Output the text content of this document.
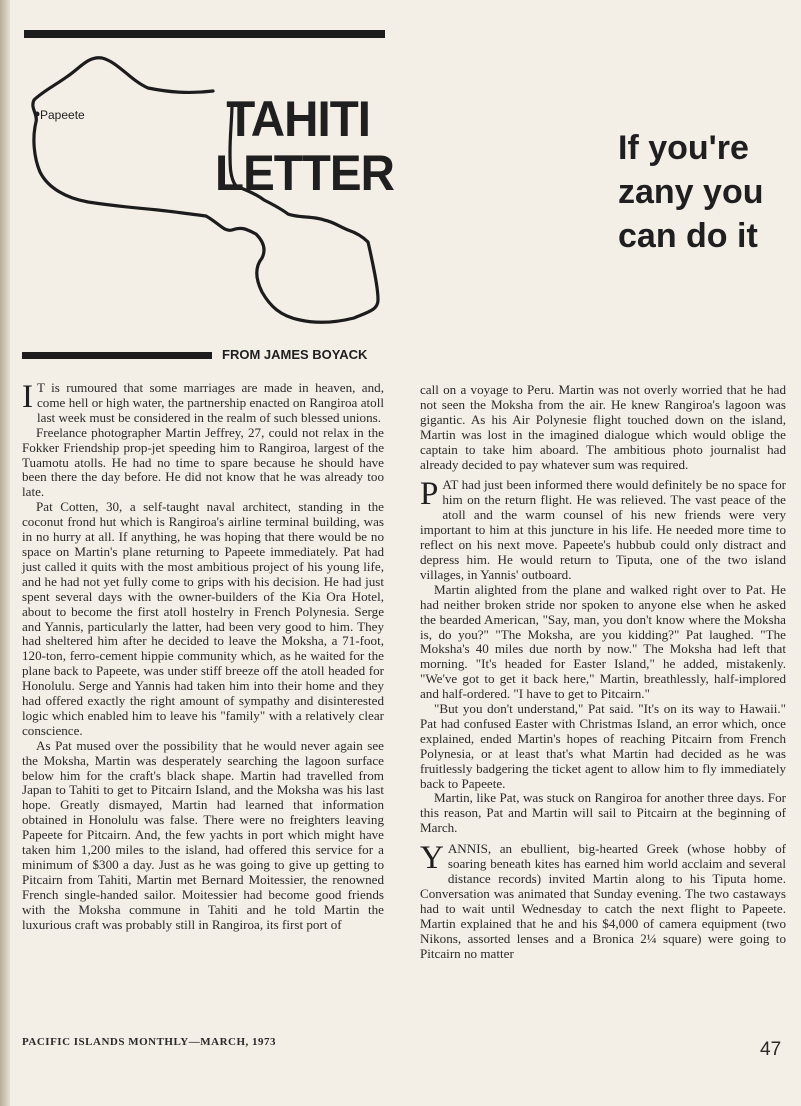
Papeete	TAHITI
LETTER	If you're
zany you
can do it
FROM JAMES BOYACK

I T is rumoured that some marriages are made in heaven, and, come hell or high water, the partnership enacted on Rangiroa atoll last week must be considered in the realm of such blessed unions.

Freelance photographer Martin Jeffrey, 27, could not relax in the Fokker Friendship prop-jet speeding him to Rangiroa, largest of the Tuamotu atolls. He had no time to spare because he should have been there the day before. He did not know that he was already too late.

Pat Cotten, 30, a self-taught naval architect, standing in the coconut frond hut which is Rangiroa's airline terminal building, was in no hurry at all. If anything, he was hoping that there would be no space on Martin's plane returning to Papeete immediately. Pat had just called it quits with the most ambitious project of his young life, and he had not yet fully come to grips with his decision. He had just spent several days with the owner-builders of the Kia Ora Hotel, about to become the first atoll hostelry in French Polynesia. Serge and Yannis, particularly the latter, had been very good to him. They had sheltered him after he decided to leave the Moksha, a 71-foot, 120-ton, ferro-cement hippie community which, as he waited for the plane back to Papeete, was under stiff breeze off the atoll headed for Honolulu. Serge and Yannis had taken him into their home and they had offered exactly the right amount of sympathy and disinterested logic which enabled him to leave his "family" with a relatively clear conscience.

As Pat mused over the possibility that he would never again see the Moksha, Martin was desperately searching the lagoon surface below him for the craft's black shape. Martin had travelled from Japan to Tahiti to get to Pitcairn Island, and the Moksha was his last hope. Greatly dismayed, Martin had learned that information obtained in Honolulu was false. There were no freighters leaving Papeete for Pitcairn. And, the few yachts in port which might have taken him 1,200 miles to the island, had offered this service for a minimum of $300 a day. Just as he was going to give up getting to Pitcairn from Tahiti, Martin met Bernard Moitessier, the renowned French single-handed sailor. Moitessier had become good friends with the Moksha commune in Tahiti and he told Martin the luxurious craft was probably still in Rangiroa, its first port of

call on a voyage to Peru. Martin was not overly worried that he had not seen the Moksha from the air. He knew Rangiroa's lagoon was gigantic. As his Air Polynesie flight touched down on the island, Martin was lost in the imagined dialogue which would oblige the captain to take him aboard. The ambitious photo journalist had already decided to pay whatever sum was required.

PAT had just been informed there would definitely be no space for him on the return flight. He was relieved. The vast peace of the atoll and the warm counsel of his new friends were very important to him at this juncture in his life. He needed more time to reflect on his next move. Papeete's hubbub could only distract and depress him. He would return to Tiputa, one of the two island villages, in Yannis' outboard.

Martin alighted from the plane and walked right over to Pat. He had neither broken stride nor spoken to anyone else when he asked the bearded American, "Say, man, you don't know where the Moksha is, do you?" "The Moksha, are you kidding?" Pat laughed. "The Moksha's 40 miles due north by now." The Moksha had left that morning. "It's headed for Easter Island," he added, mistakenly. "We've got to get it back here," Martin, breathlessly, half-implored and half-ordered. "I have to get to Pitcairn."

"But you don't understand," Pat said. "It's on its way to Hawaii." Pat had confused Easter with Christmas Island, an error which, once explained, ended Martin's hopes of reaching Pitcairn from French Polynesia, or at least that's what Martin had decided as he was fruitlessly badgering the ticket agent to allow him to fly immediately back to Papeete.

Martin, like Pat, was stuck on Rangiroa for another three days. For this reason, Pat and Martin will sail to Pitcairn at the beginning of March.

YANNIS, an ebullient, big-hearted Greek (whose hobby of soaring beneath kites has earned him world acclaim and several distance records) invited Martin along to his Tiputa home. Conversation was animated that Sunday evening. The two castaways had to wait until Wednesday to catch the next flight to Papeete. Martin explained that he and his $4,000 of camera equipment (two Nikons, assorted lenses and a Bronica 2¼ square) were going to Pitcairn no matter

PACIFIC ISLANDS MONTHLY—MARCH, 1973	47
